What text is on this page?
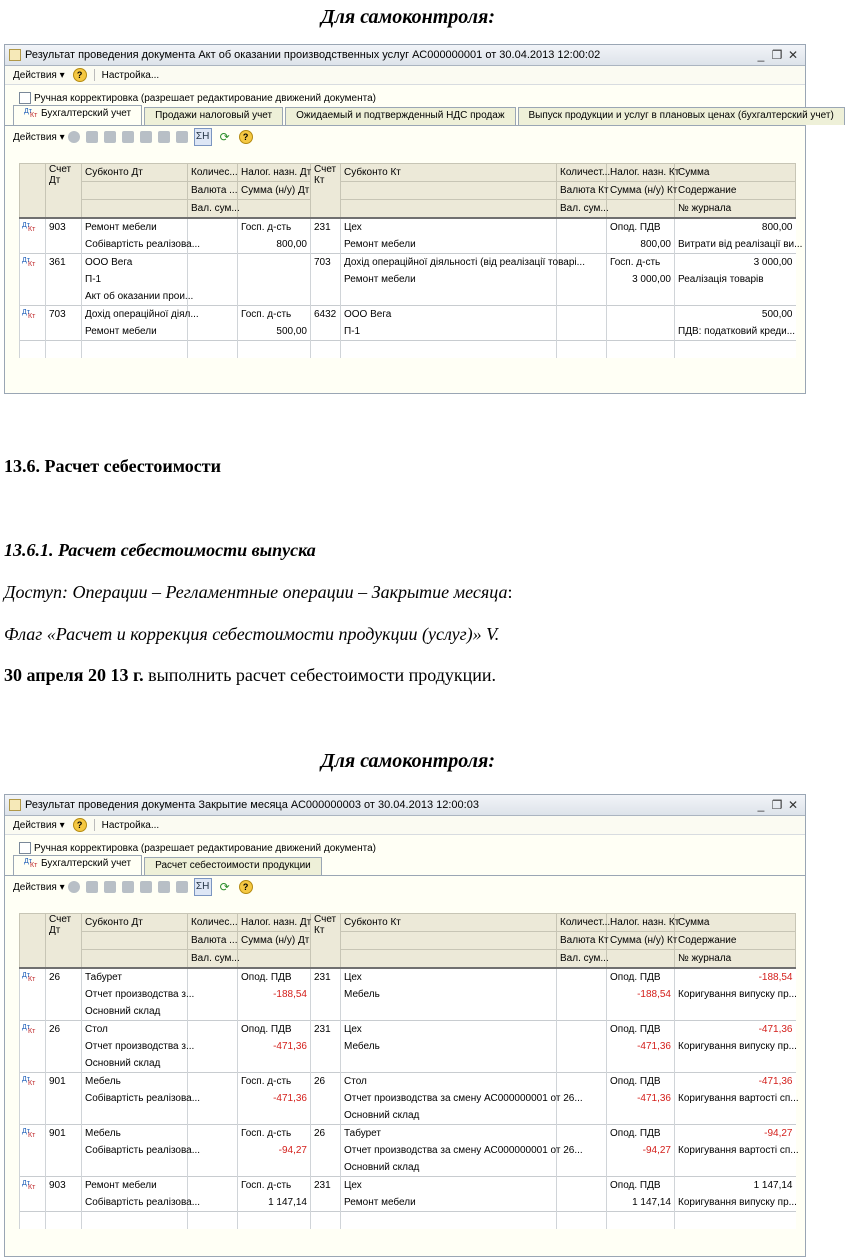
Для самоконтроля:
Результат проведения документа Акт об оказании производственных услуг АС000000001 от 30.04.2013 12:00:02	_ ❐ ✕
Действия ▾	?	Настройка...
Ручная корректировка (разрешает редактирование движений документа)
Дт
Кт Бухгалтерский учет	Продажи налоговый учет	Ожидаемый и подтвержденный НДС продаж	Выпуск продукции и услуг в плановых ценах (бухгалтерский учет)
Действия ▾	ΣН ⟳	?
	Счет Дт	Субконто Дт	Количес...	Налог. назн. Дт	Счет Кт	Субконто Кт	Количест...	Налог. назн. Кт	Сумма
			Валюта ...	Сумма (н/у) Дт			Валюта Кт	Сумма (н/у) Кт	Содержание
			Вал. сум...				Вал. сум...		№ журнала

Дт
Кт	903	Ремонт мебели		Госп. д-сть	231	Цех		Опод. ПДВ	800,00
		Собівартість реалізова...		800,00		Ремонт мебели		800,00	Витрати від реалізації ви...

Дт
Кт	361	ООО Вега			703	Дохід операційної діяльності (від реалізації товарі...		Госп. д-сть	3 000,00
		П-1				Ремонт мебели		3 000,00	Реалізація товарів
		Акт об оказании прои...							

Дт
Кт	703	Дохід операційної діял...		Госп. д-сть	6432	ООО Вега			500,00
		Ремонт мебели		500,00		П-1			ПДВ: податковий креди...

13.6. Расчет себестоимости
13.6.1. Расчет себестоимости выпуска
Доступ: Операции – Регламентные операции – Закрытие месяца:
Флаг «Расчет и коррекция себестоимости продукции (услуг)» V.
30 апреля 20 13 г. выполнить расчет себестоимости продукции.
Для самоконтроля:
Результат проведения документа Закрытие месяца АС000000003 от 30.04.2013 12:00:03	_ ❐ ✕
Действия ▾	?	Настройка...
Ручная корректировка (разрешает редактирование движений документа)
Дт
Кт Бухгалтерский учет	Расчет себестоимости продукции
Действия ▾	ΣН ⟳	?
	Счет Дт	Субконто Дт	Количес...	Налог. назн. Дт	Счет Кт	Субконто Кт	Количест...	Налог. назн. Кт	Сумма
			Валюта ...	Сумма (н/у) Дт			Валюта Кт	Сумма (н/у) Кт	Содержание
			Вал. сум...				Вал. сум...		№ журнала

Дт
Кт	26	Табурет		Опод. ПДВ	231	Цех		Опод. ПДВ	-188,54
		Отчет производства з...		-188,54		Мебель		-188,54	Коригування випуску пр...
		Основний склад							

Дт
Кт	26	Стол		Опод. ПДВ	231	Цех		Опод. ПДВ	-471,36
		Отчет производства з...		-471,36		Мебель		-471,36	Коригування випуску пр...
		Основний склад							

Дт
Кт	901	Мебель		Госп. д-сть	26	Стол		Опод. ПДВ	-471,36
		Собівартість реалізова...		-471,36		Отчет производства за смену АС000000001 от 26...		-471,36	Коригування вартості сп...
						Основний склад			

Дт
Кт	901	Мебель		Госп. д-сть	26	Табурет		Опод. ПДВ	-94,27
		Собівартість реалізова...		-94,27		Отчет производства за смену АС000000001 от 26...		-94,27	Коригування вартості сп...
						Основний склад			

Дт
Кт	903	Ремонт мебели		Госп. д-сть	231	Цех		Опод. ПДВ	1 147,14
		Собівартість реалізова...		1 147,14		Ремонт мебели		1 147,14	Коригування випуску пр...
